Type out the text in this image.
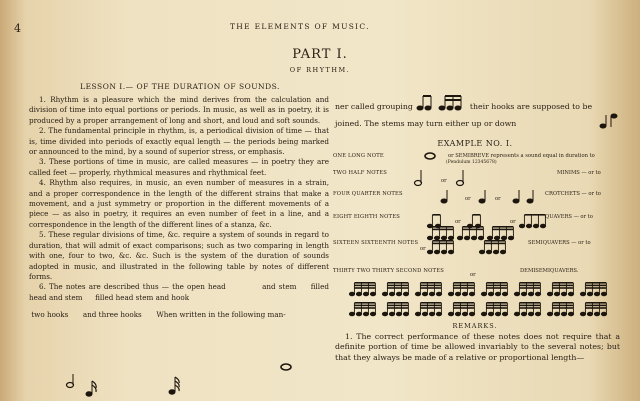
4	THE ELEMENTS OF MUSIC.
PART I.
OF RHYTHM.
LESSON I.— OF THE DURATION OF SOUNDS.

1. Rhythm is a pleasure which the mind derives from the calculation and division of time into equal portions or periods. In music, as well as in poetry, it is produced by a proper arrangement of long and short, and loud and soft sounds.

2. The fundamental principle in rhythm, is, a periodical division of time — that is, time divided into periods of exactly equal length — the periods being marked or announced to the mind, by a sound of superior stress, or emphasis.

3. These portions of time in music, are called measures — in poetry they are called feet — properly, rhythmical measures and rhythmical feet.

4. Rhythm also requires, in music, an even number of measures in a strain, and a proper correspondence in the length of the different strains that make a movement, and a just symmetry or proportion in the different movements of a piece — as also in poetry, it requires an even number of feet in a line, and a correspondence in the length of the different lines of a stanza, &c.

5. These regular divisions of time, &c. require a system of sounds in regard to duration, that will admit of exact comparisons; such as two comparing in length with one, four to two, &c. &c. Such is the system of the duration of sounds adopted in music, and illustrated in the following table by notes of different forms.

6. The notes are described thus — the open head	and stem filled head and stem filled head stem and hook
two hooks and three hooks When written in the following man-

ner called grouping	their hooks are supposed to be
joined. The stems may turn either up or down
EXAMPLE NO. I.
ONE LONG NOTE	or SEMIBREVE represents a sound equal in duration to
(Pendulum 12345678)
TWO HALF NOTES	MINIMS — or to
FOUR QUARTER NOTES	CROTCHETS — or to
EIGHT EIGHTH NOTES	QUAVERS — or to
SIXTEEN SIXTEENTH NOTES	SEMIQUAVERS — or to
THIRTY TWO THIRTY SECOND NOTES	DEMISEMIQUAVERS.
or
or	or
or	or
or
or
REMARKS.

1. The correct performance of these notes does not require that a definite portion of time be allowed invariably to the several notes; but that they always be made of a relative or proportional length—
